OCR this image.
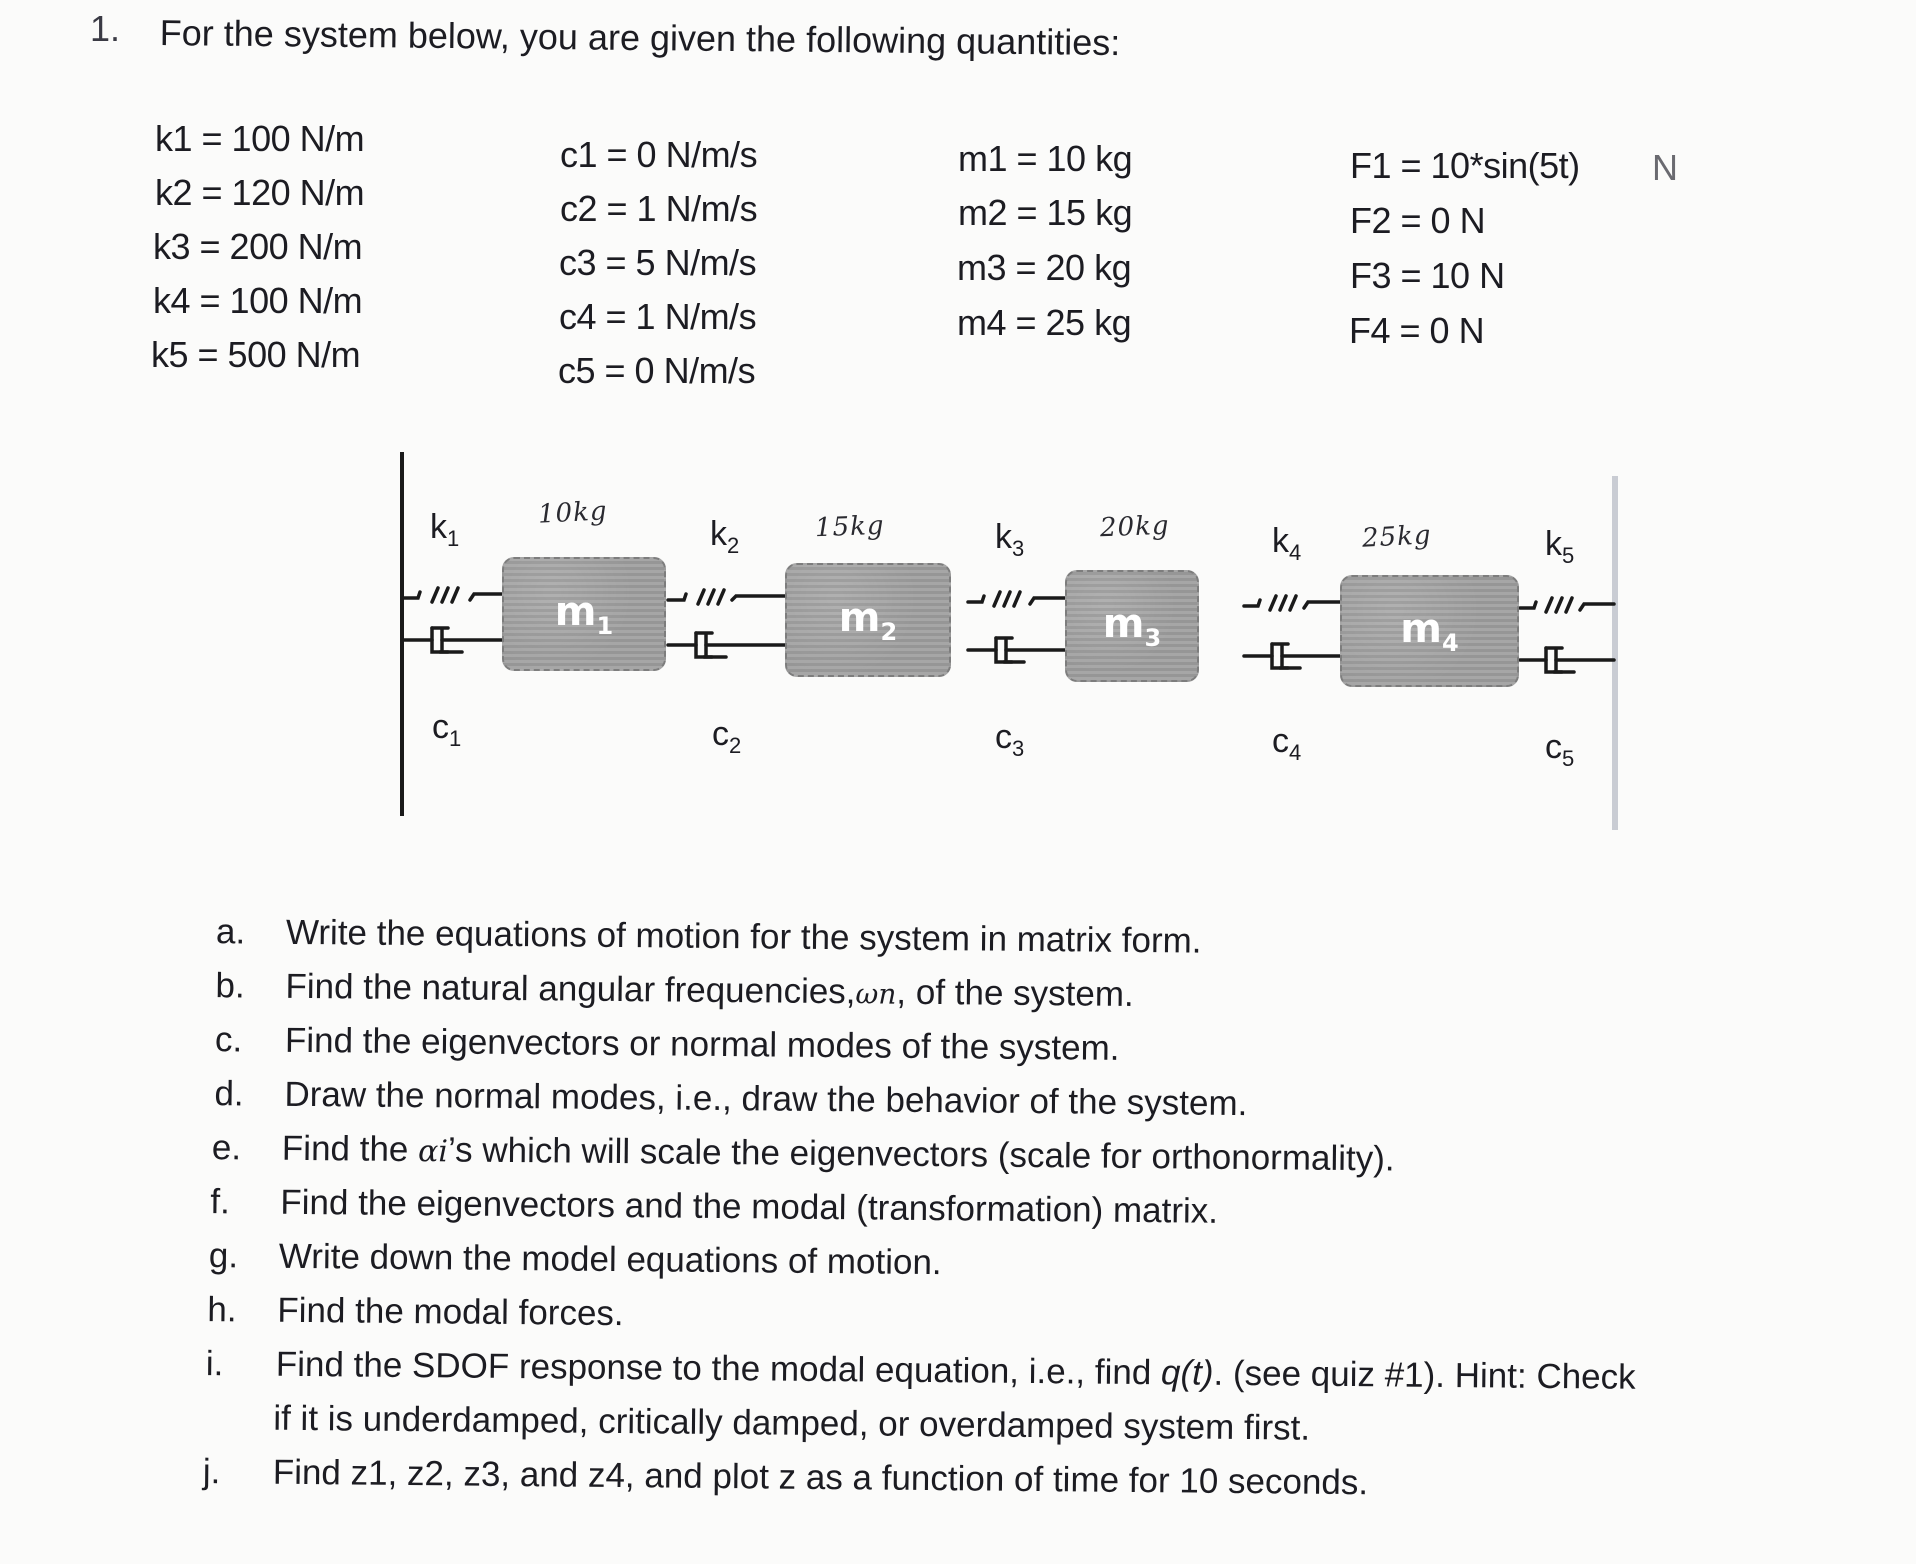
1. For the system below, you are given the following quantities:
k1 = 100 N/m
k2 = 120 N/m
k3 = 200 N/m
k4 = 100 N/m
k5 = 500 N/m
c1 = 0 N/m/s
c2 = 1 N/m/s
c3 = 5 N/m/s
c4 = 1 N/m/s
c5 = 0 N/m/s
m1 = 10 kg
m2 = 15 kg
m3 = 20 kg
m4 = 25 kg
F1 = 10*sin(5t) N
F2 = 0 N
F3 = 10 N
F4 = 0 N
$m_1$	$m_2$	$m_3$	$m_4$
$k_1$	$k_2$	$k_3$	$k_4$	$k_5$
$c_1$	$c_2$	$c_3$	$c_4$	$c_5$
10kg	15kg	20kg	25kg
a. Write the equations of motion for the system in matrix form.
b. Find the natural angular frequencies,ωn, of the system.
c. Find the eigenvectors or normal modes of the system.
d. Draw the normal modes, i.e., draw the behavior of the system.
e. Find the αi’s which will scale the eigenvectors (scale for orthonormality).
f. Find the eigenvectors and the modal (transformation) matrix.
g. Write down the model equations of motion.
h. Find the modal forces.
i. Find the SDOF response to the modal equation, i.e., find q(t). (see quiz #1). Hint: Check
if it is underdamped, critically damped, or overdamped system first.
j. Find z1, z2, z3, and z4, and plot z as a function of time for 10 seconds.
